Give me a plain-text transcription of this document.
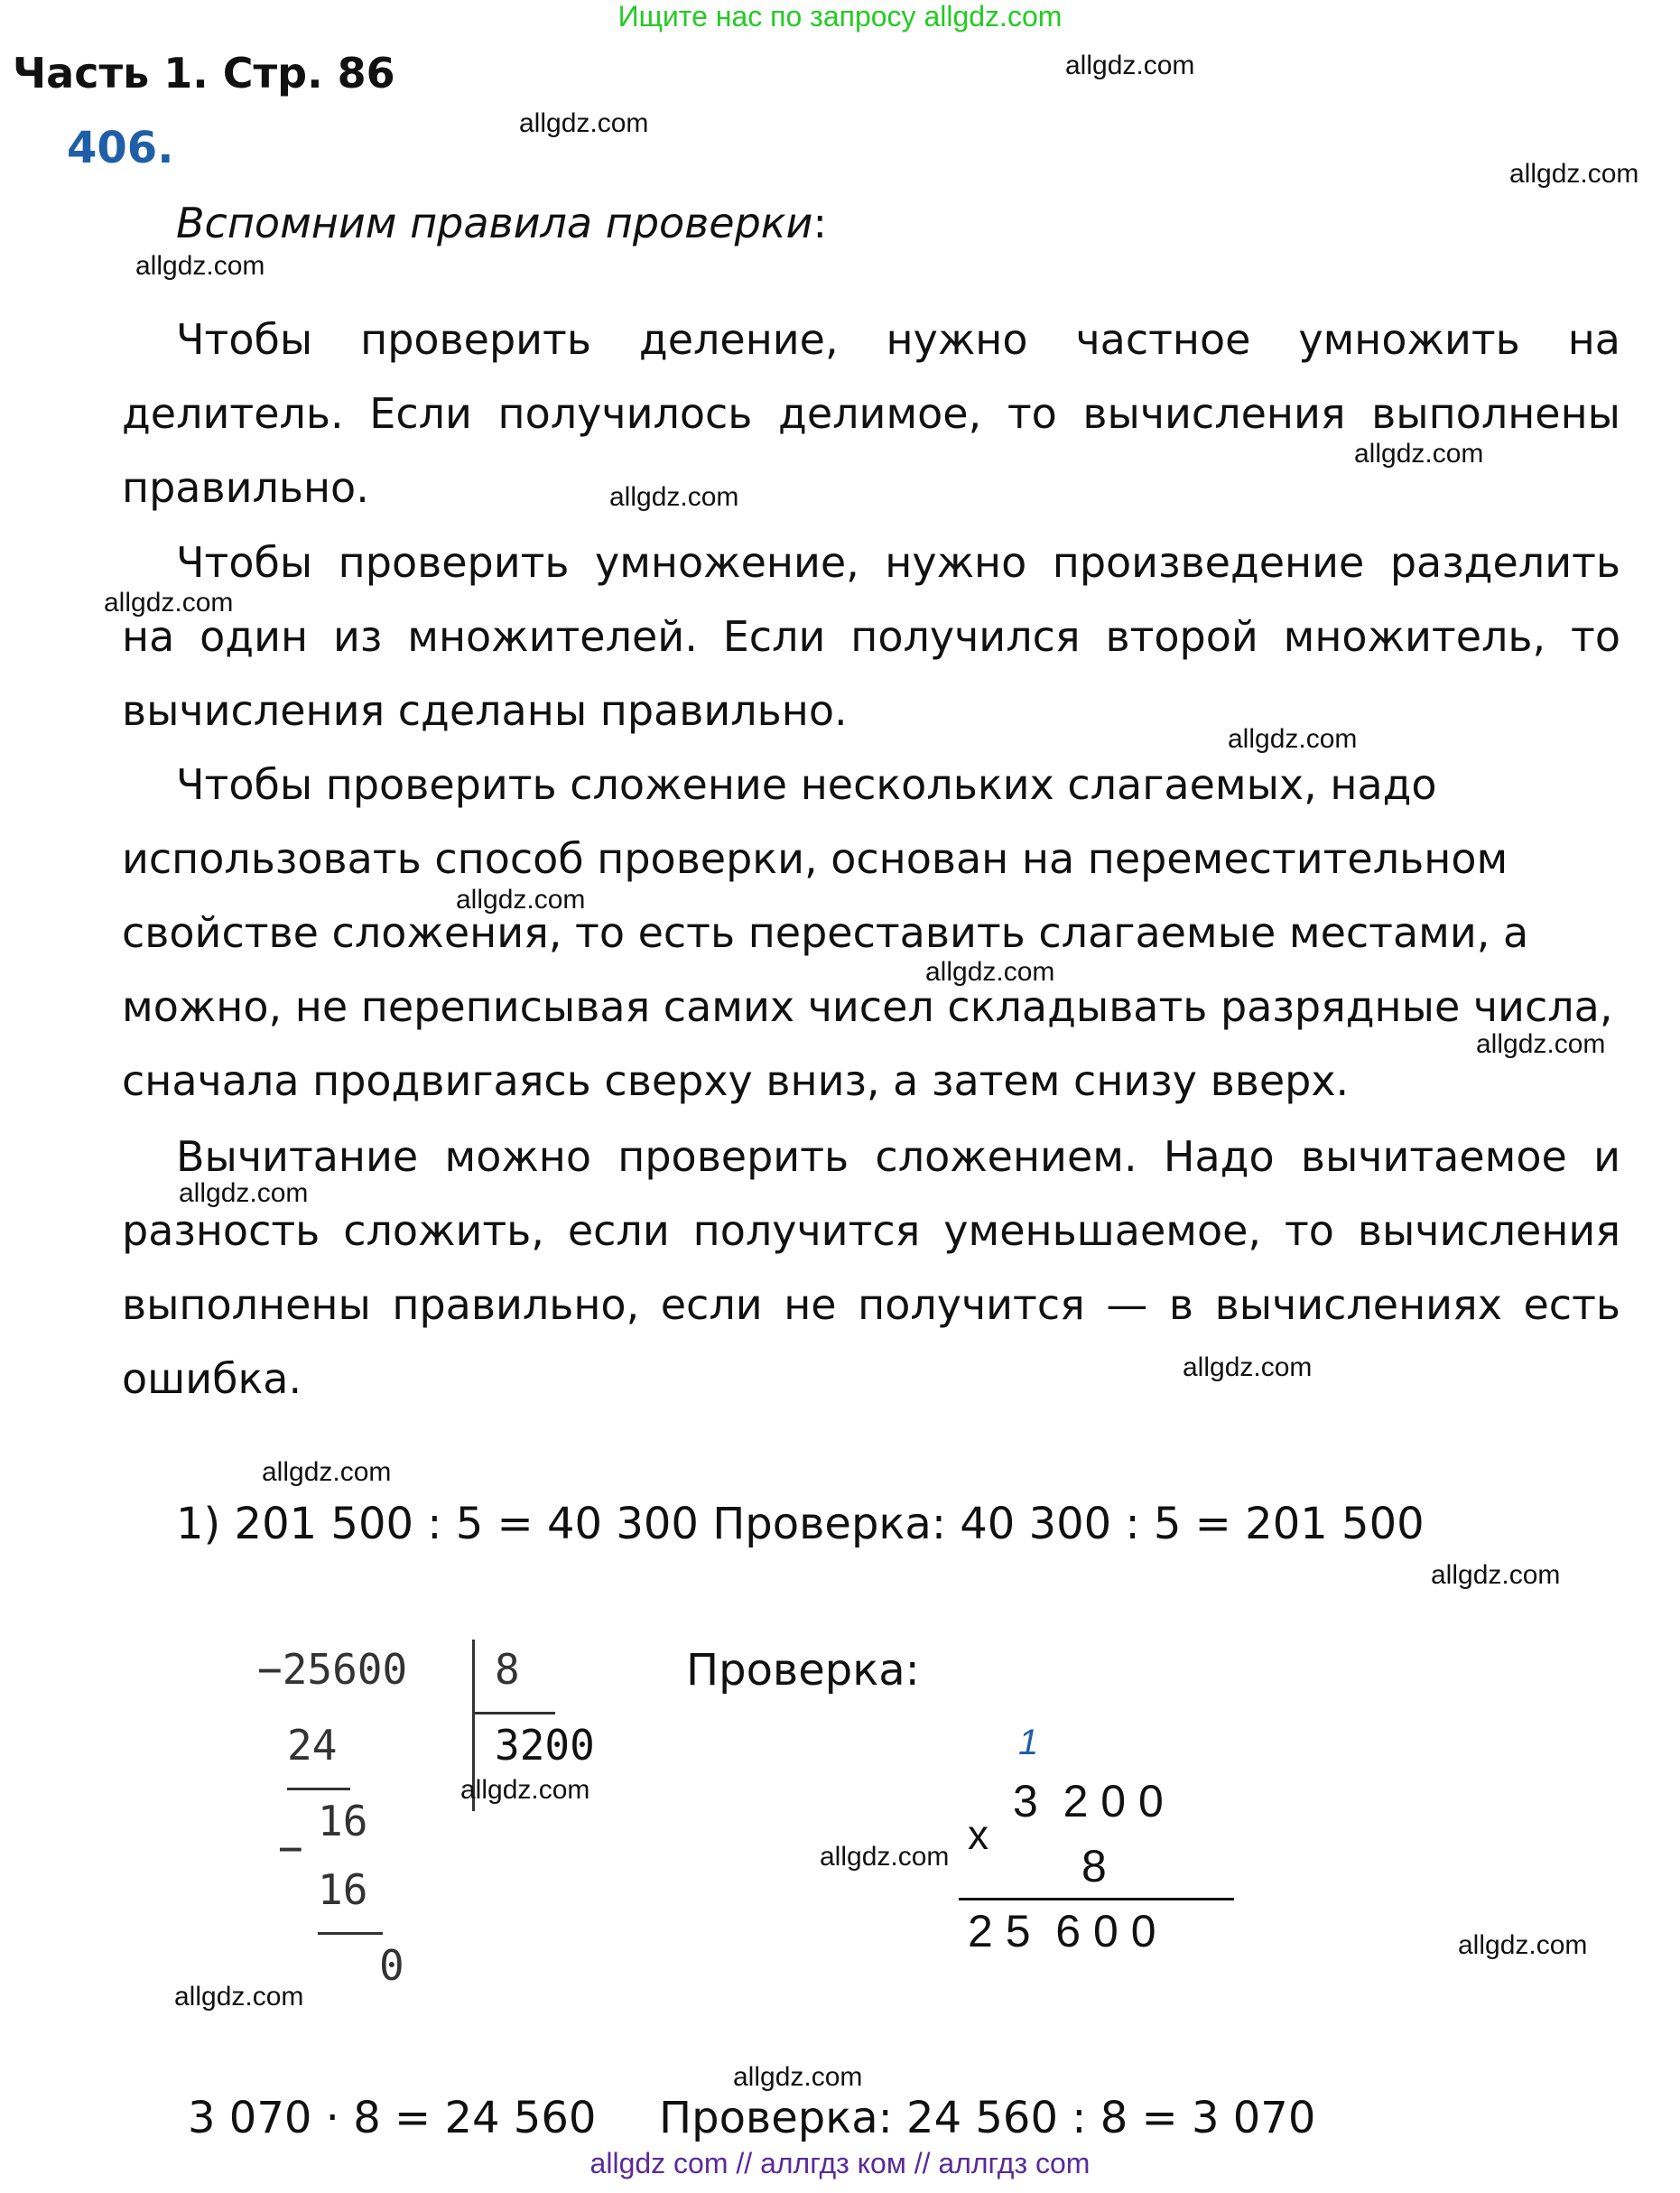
Ищите нас по запросу allgdz.com
Часть 1. Стр. 86
406.
Вспомним правила проверки:
Чтобы проверить деление, нужно частное умножить на делитель. Если получилось делимое, то вычисления выполнены правильно.
Чтобы проверить умножение, нужно произведение разделить на один из множителей. Если получился второй множитель, то вычисления сделаны правильно.
Чтобы проверить сложение нескольких слагаемых, надо использовать способ проверки, основан на переместительном свойстве сложения, то есть переставить слагаемые местами, а можно, не переписывая самих чисел складывать разрядные числа, сначала продвигаясь сверху вниз, а затем снизу вверх.
Вычитание можно проверить сложением. Надо вычитаемое и разность сложить, если получится уменьшаемое, то вычисления выполнены правильно, если не получится — в вычислениях есть ошибка.
1) 201 500 : 5 = 40 300 Проверка: 40 300 : 5 = 201 500
−25600 8
3200
24
16
−
16
0
Проверка:
1
x
3  2 0 0
8
2 5  6 0 0
3 070 · 8 = 24 560 Проверка: 24 560 : 8 = 3 070
allgdz.com
allgdz.com
allgdz.com
allgdz.com
allgdz.com
allgdz.com
allgdz.com
allgdz.com
allgdz.com
allgdz.com
allgdz.com
allgdz.com
allgdz.com
allgdz.com
allgdz.com
allgdz.com
allgdz.com
allgdz.com
allgdz.com
allgdz.com
allgdz com // аллгдз ком // аллгдз com
